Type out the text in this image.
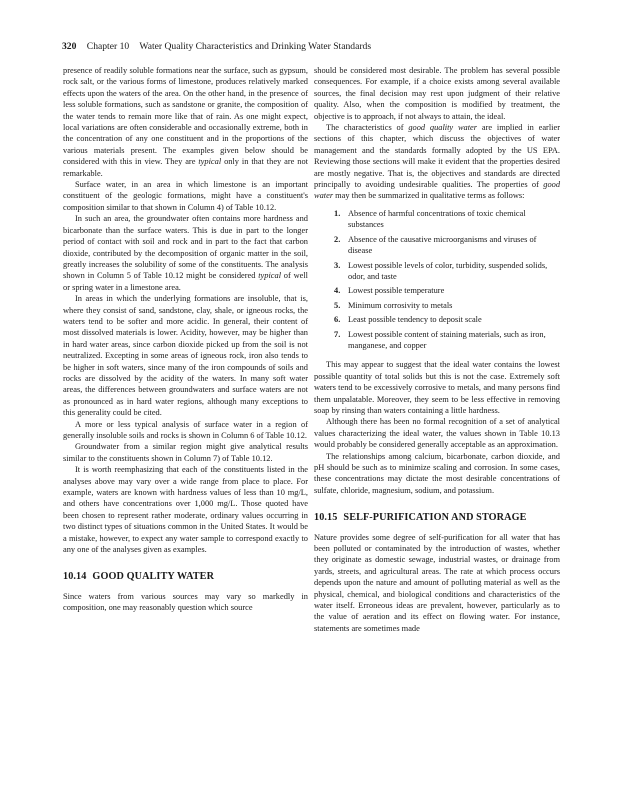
320 Chapter 10 Water Quality Characteristics and Drinking Water Standards

presence of readily soluble formations near the surface, such as gypsum, rock salt, or the various forms of limestone, produces relatively marked effects upon the waters of the area. On the other hand, in the presence of less soluble formations, such as sandstone or granite, the composition of the water tends to remain more like that of rain. As one might expect, local variations are often considerable and occasionally extreme, both in the concentration of any one constituent and in the proportions of the various materials present. The examples given below should be considered with this in view. They are typical only in that they are not remarkable.

Surface water, in an area in which limestone is an important constituent of the geologic formations, might have a constituent's composition similar to that shown in Column 4) of Table 10.12.

In such an area, the groundwater often contains more hardness and bicarbonate than the surface waters. This is due in part to the longer period of contact with soil and rock and in part to the fact that carbon dioxide, contributed by the decomposition of organic matter in the soil, greatly increases the solubility of some of the constituents. The analysis shown in Column 5 of Table 10.12 might be considered typical of well or spring water in a limestone area.

In areas in which the underlying formations are insoluble, that is, where they consist of sand, sandstone, clay, shale, or igneous rocks, the waters tend to be softer and more acidic. In general, their content of most dissolved materials is lower. Acidity, however, may be higher than in hard water areas, since carbon dioxide picked up from the soil is not neutralized. Excepting in some areas of igneous rock, iron also tends to be higher in soft waters, since many of the iron compounds of soils and rocks are dissolved by the acidity of the waters. In many soft water areas, the differences between groundwaters and surface waters are not as pronounced as in hard water regions, although many exceptions to this generality could be cited.

A more or less typical analysis of surface water in a region of generally insoluble soils and rocks is shown in Column 6 of Table 10.12.

Groundwater from a similar region might give analytical results similar to the constituents shown in Column 7) of Table 10.12.

It is worth reemphasizing that each of the constituents listed in the analyses above may vary over a wide range from place to place. For example, waters are known with hardness values of less than 10 mg/L, and others have concentrations over 1,000 mg/L. Those quoted have been chosen to represent rather moderate, ordinary values occurring in two distinct types of situations common in the United States. It would be a mistake, however, to expect any water sample to correspond exactly to any one of the analyses given as examples.

10.14 GOOD QUALITY WATER

Since waters from various sources may vary so markedly in composition, one may reasonably question which source

should be considered most desirable. The problem has several possible consequences. For example, if a choice exists among several available sources, the final decision may rest upon judgment of their relative quality. Also, when the composition is modified by treatment, the objective is to approach, if not always to attain, the ideal.

The characteristics of good quality water are implied in earlier sections of this chapter, which discuss the objectives of water management and the standards formally adopted by the US EPA. Reviewing those sections will make it evident that the properties desired are mostly negative. That is, the objectives and standards are directed principally to avoiding undesirable qualities. The properties of good water may then be summarized in qualitative terms as follows:

1. Absence of harmful concentrations of toxic chemical substances
2. Absence of the causative microorganisms and viruses of disease
3. Lowest possible levels of color, turbidity, suspended solids, odor, and taste
4. Lowest possible temperature
5. Minimum corrosivity to metals
6. Least possible tendency to deposit scale
7. Lowest possible content of staining materials, such as iron, manganese, and copper

This may appear to suggest that the ideal water contains the lowest possible quantity of total solids but this is not the case. Extremely soft waters tend to be excessively corrosive to metals, and many persons find them unpalatable. Moreover, they seem to be less effective in removing soap by rinsing than waters containing a little hardness.

Although there has been no formal recognition of a set of analytical values characterizing the ideal water, the values shown in Table 10.13 would probably be considered generally acceptable as an approximation.

The relationships among calcium, bicarbonate, carbon dioxide, and pH should be such as to minimize scaling and corrosion. In some cases, these concentrations may dictate the most desirable concentrations of sulfate, chloride, magnesium, sodium, and potassium.

10.15 SELF-PURIFICATION AND STORAGE

Nature provides some degree of self-purification for all water that has been polluted or contaminated by the introduction of wastes, whether they originate as domestic sewage, industrial wastes, or drainage from yards, streets, and agricultural areas. The rate at which process occurs depends upon the nature and amount of polluting material as well as the physical, chemical, and biological conditions and characteristics of the water itself. Erroneous ideas are prevalent, however, particularly as to the value of aeration and its effect on flowing water. For instance, statements are sometimes made
